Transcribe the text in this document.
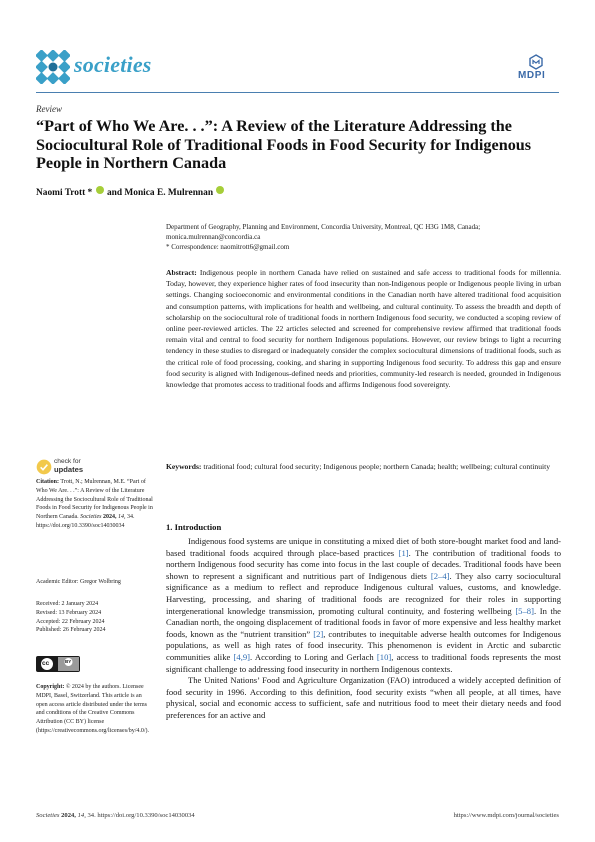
societies	MDPI
Review
“Part of Who We Are. . .”: A Review of the Literature Addressing the Sociocultural Role of Traditional Foods in Food Security for Indigenous People in Northern Canada
Naomi Trott * and Monica E. Mulrennan
Department of Geography, Planning and Environment, Concordia University, Montreal, QC H3G 1M8, Canada;
monica.mulrennan@concordia.ca
* Correspondence: naomitrott6@gmail.com
Abstract: Indigenous people in northern Canada have relied on sustained and safe access to traditional foods for millennia. Today, however, they experience higher rates of food insecurity than non-Indigenous people or Indigenous people living in urban settings. Changing socioeconomic and environmental conditions in the Canadian north have altered traditional food acquisition and consumption patterns, with implications for health and wellbeing, and cultural continuity. To assess the breadth and depth of scholarship on the sociocultural role of traditional foods in northern Indigenous food security, we conducted a scoping review of online peer-reviewed articles. The 22 articles selected and screened for comprehensive review affirmed that traditional foods remain vital and central to food security for northern Indigenous populations. However, our review brings to light a recurring tendency in these studies to disregard or inadequately consider the complex sociocultural dimensions of traditional foods, such as the critical role of food processing, cooking, and sharing in supporting Indigenous food security. To address this gap and ensure food security is aligned with Indigenous-defined needs and priorities, community-led research is needed, grounded in Indigenous knowledge that promotes access to traditional foods and affirms Indigenous food sovereignty.
Keywords: traditional food; cultural food security; Indigenous people; northern Canada; health; wellbeing; cultural continuity
check for
updates
Citation: Trott, N.; Mulrennan, M.E. “Part of Who We Are. . .”: A Review of the Literature Addressing the Sociocultural Role of Traditional Foods in Food Security for Indigenous People in Northern Canada. Societies 2024, 14, 34. https://doi.org/10.3390/soc14030034
Academic Editor: Gregor Wolbring
Received: 2 January 2024
Revised: 13 February 2024
Accepted: 22 February 2024
Published: 26 February 2024
cc	BY
Copyright: © 2024 by the authors. Licensee MDPI, Basel, Switzerland. This article is an open access article distributed under the terms and conditions of the Creative Commons Attribution (CC BY) license (https://creativecommons.org/licenses/by/4.0/).
1. Introduction

Indigenous food systems are unique in constituting a mixed diet of both store-bought market food and land-based traditional foods acquired through place-based practices [1]. The contribution of traditional foods to northern Indigenous food security has come into focus in the last couple of decades. Traditional foods have been shown to represent a significant and nutritious part of Indigenous diets [2–4]. They also carry sociocultural significance as a medium to reflect and reproduce Indigenous cultural values, customs, and knowledge. Harvesting, processing, and sharing of traditional foods are recognized for their roles in supporting intergenerational knowledge transmission, promoting cultural continuity, and fostering wellbeing [5–8]. In the Canadian north, the ongoing displacement of traditional foods in favor of more expensive and less healthy market foods, known as the “nutrient transition” [2], contributes to inequitable adverse health outcomes for Indigenous populations, as well as high rates of food insecurity. This phenomenon is evident in Arctic and subarctic communities alike [4,9]. According to Loring and Gerlach [10], access to traditional foods represents the most significant challenge to addressing food insecurity in northern Indigenous contexts.

The United Nations’ Food and Agriculture Organization (FAO) introduced a widely accepted definition of food security in 1996. According to this definition, food security exists “when all people, at all times, have physical, social and economic access to sufficient, safe and nutritious food to meet their dietary needs and food preferences for an active and

Societies 2024, 14, 34. https://doi.org/10.3390/soc14030034	https://www.mdpi.com/journal/societies
